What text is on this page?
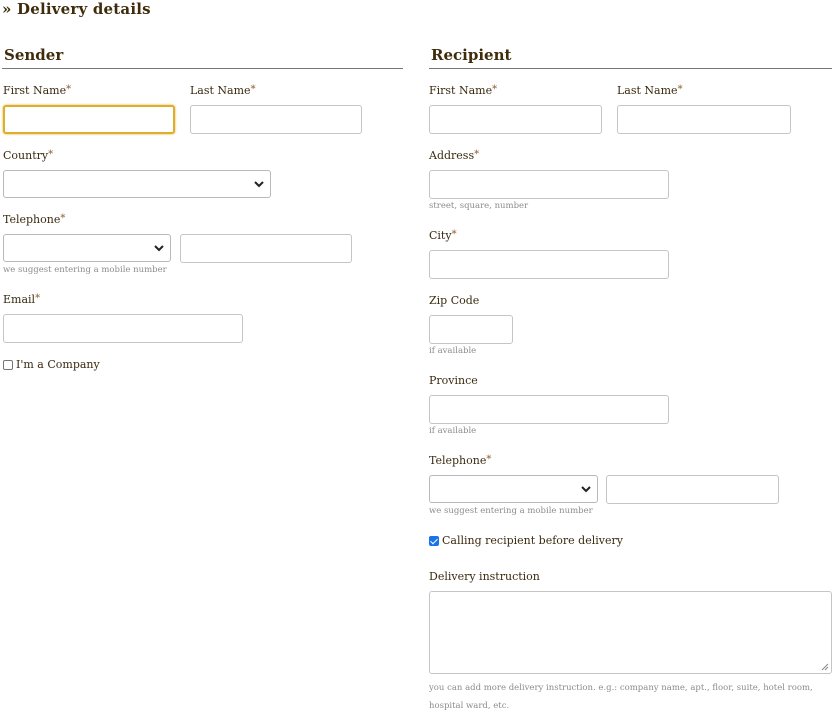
» Delivery details
Sender
First Name*	Last Name*
Country*
Telephone*
we suggest entering a mobile number
Email*
I'm a Company
Recipient
First Name*	Last Name*
Address*
street, square, number
City*
Zip Code
if available
Province
if available
Telephone*
we suggest entering a mobile number
Calling recipient before delivery
Delivery instruction
you can add more delivery instruction. e.g.: company name, apt., floor, suite, hotel room, hospital ward, etc.
